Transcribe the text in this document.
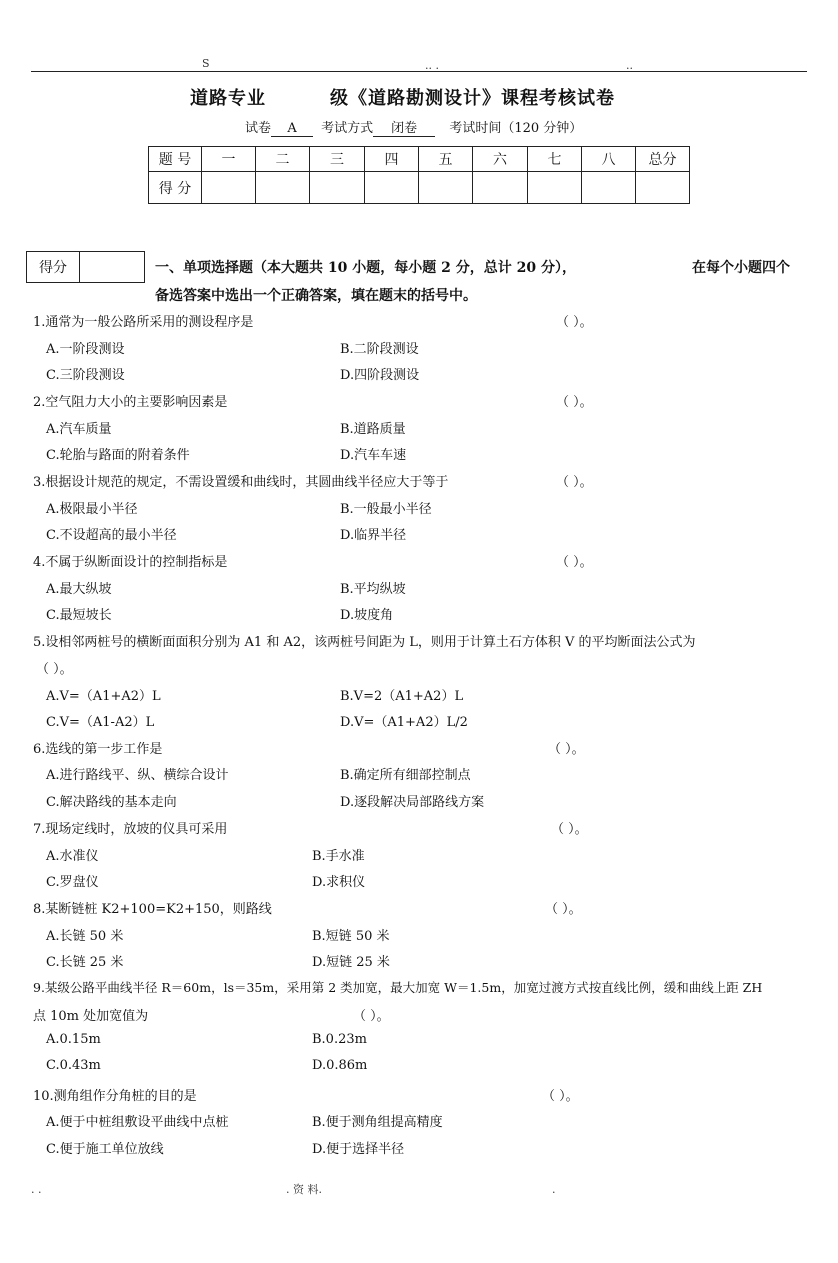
S	.. .	..
道路专业	级《道路勘测设计》课程考核试卷
试卷 A 考试方式 闭卷 考试时间（120 分钟）
题 号	一	二	三	四	五	六	七	八	总分
得 分									
得分	一、单项选择题（本大题共 10 小题，每小题 2 分，总计 20 分），	在每个小题四个
备选答案中选出一个正确答案，填在题末的括号中。
1.通常为一般公路所采用的测设程序是	（ ）。
A.一阶段测设	B.二阶段测设
C.三阶段测设	D.四阶段测设
2.空气阻力大小的主要影响因素是	（ ）。
A.汽车质量	B.道路质量
C.轮胎与路面的附着条件	D.汽车车速
3.根据设计规范的规定，不需设置缓和曲线时，其圆曲线半径应大于等于	（ ）。
A.极限最小半径	B.一般最小半径
C.不设超高的最小半径	D.临界半径
4.不属于纵断面设计的控制指标是	（ ）。
A.最大纵坡	B.平均纵坡
C.最短坡长	D.坡度角
5.设相邻两桩号的横断面面积分别为 A1 和 A2，该两桩号间距为 L，则用于计算土石方体积 V 的平均断面法公式为
（ ）。
A.V=（A1+A2）L	B.V=2（A1+A2）L
C.V=（A1-A2）L	D.V=（A1+A2）L/2
6.选线的第一步工作是	（ ）。
A.进行路线平、纵、横综合设计	B.确定所有细部控制点
C.解决路线的基本走向	D.逐段解决局部路线方案
7.现场定线时，放坡的仪具可采用	（ ）。
A.水准仪	B.手水准
C.罗盘仪	D.求积仪
8.某断链桩 K2+100=K2+150，则路线	（ ）。
A.长链 50 米	B.短链 50 米
C.长链 25 米	D.短链 25 米
9.某级公路平曲线半径 R＝60m，ls＝35m，采用第 2 类加宽，最大加宽 W＝1.5m，加宽过渡方式按直线比例，缓和曲线上距 ZH
点 10m 处加宽值为	（ ）。
A.0.15m	B.0.23m
C.0.43m	D.0.86m
10.测角组作分角桩的目的是	（ ）。
A.便于中桩组敷设平曲线中点桩	B.便于测角组提高精度
C.便于施工单位放线	D.便于选择半径
. .	. 资 料.	.
